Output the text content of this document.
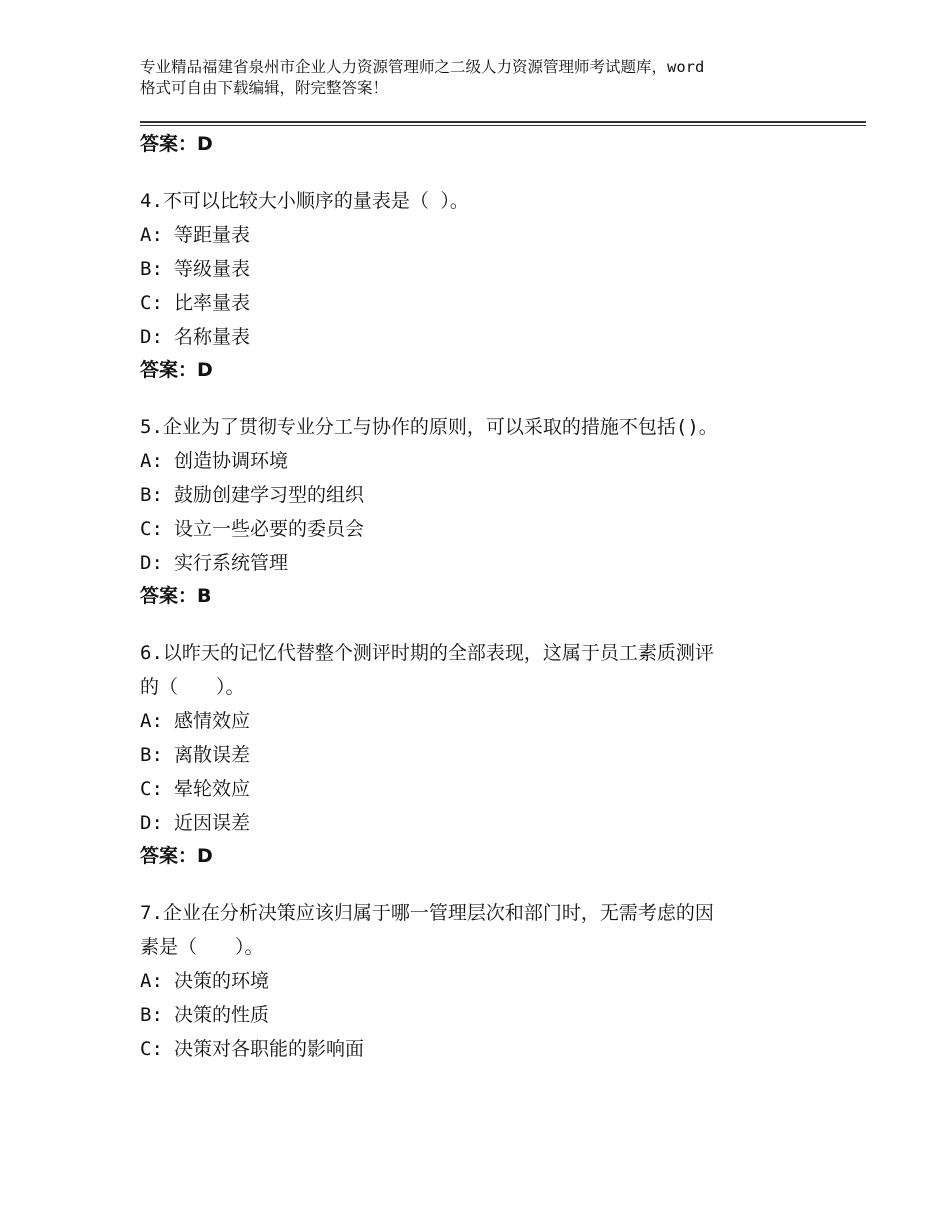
专业精品福建省泉州市企业人力资源管理师之二级人力资源管理师考试题库，word
格式可自由下载编辑，附完整答案！
答案：D
4.不可以比较大小顺序的量表是（ ）。
A: 等距量表
B: 等级量表
C: 比率量表
D: 名称量表
答案：D
5.企业为了贯彻专业分工与协作的原则，可以采取的措施不包括()。
A: 创造协调环境
B: 鼓励创建学习型的组织
C: 设立一些必要的委员会
D: 实行系统管理
答案：B
6.以昨天的记忆代替整个测评时期的全部表现，这属于员工素质测评
的（　　）。
A: 感情效应
B: 离散误差
C: 晕轮效应
D: 近因误差
答案：D
7.企业在分析决策应该归属于哪一管理层次和部门时，无需考虑的因
素是（　　）。
A: 决策的环境
B: 决策的性质
C: 决策对各职能的影响面
